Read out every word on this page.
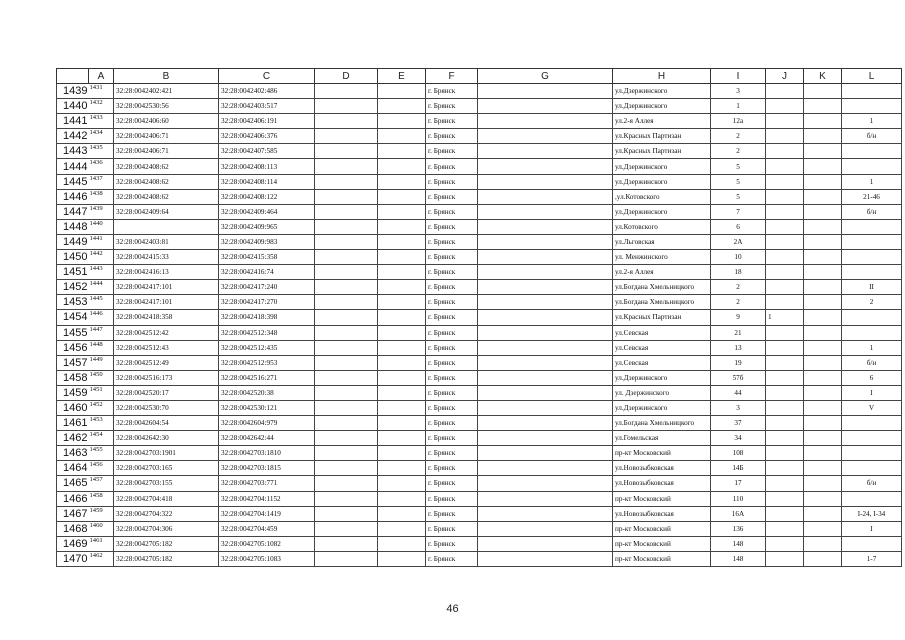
	A	B	C	D	E	F	G	H	I	J	K	L
1439	1431	32:28:0042402:421	32:28:0042402:486			г. Брянск		ул.Дзержинского	3			
1440	1432	32:28:0042530:56	32:28:0042403:517			г. Брянск		ул.Дзержинского	1			
1441	1433	32:28:0042406:60	32:28:0042406:191			г. Брянск		ул.2-я Аллея	12а			1
1442	1434	32:28:0042406:71	32:28:0042406:376			г. Брянск		ул.Красных Партизан	2			б/н
1443	1435	32:28:0042406:71	32:28:0042407:585			г. Брянск		ул.Красных Партизан	2			
1444	1436	32:28:0042408:62	32:28:0042408:113			г. Брянск		ул.Дзержинского	5			
1445	1437	32:28:0042408:62	32:28:0042408:114			г. Брянск		ул.Дзержинского	5			1
1446	1438	32:28:0042408:62	32:28:0042408:122			г. Брянск		,ул.Котовского	5			21-46
1447	1439	32:28:0042409:64	32:28:0042409:464			г. Брянск		ул.Дзержинского	7			б/н
1448	1440		32:28:0042409:965			г. Брянск		ул.Котовского	6			
1449	1441	32:28:0042403:81	32:28:0042409:983			г. Брянск		ул.Льговская	2А			
1450	1442	32:28:0042415:33	32:28:0042415:358			г. Брянск		ул. Менжинского	10			
1451	1443	32:28:0042416:13	32:28:0042416:74			г. Брянск		ул.2-я Аллея	18			
1452	1444	32:28:0042417:101	32:28:0042417:240			г. Брянск		ул.Богдана Хмельницкого	2			II
1453	1445	32:28:0042417:101	32:28:0042417:270			г. Брянск		ул.Богдана Хмельницкого	2			2
1454	1446	32:28:0042418:358	32:28:0042418:398			г. Брянск		ул.Красных Партизан	9	1		
1455	1447	32:28:0042512:42	32:28:0042512:348			г. Брянск		ул.Севская	21			
1456	1448	32:28:0042512:43	32:28:0042512:435			г. Брянск		ул.Севская	13			1
1457	1449	32:28:0042512:49	32:28:0042512:953			г. Брянск		ул.Севская	19			б/н
1458	1450	32:28:0042516:173	32:28:0042516:271			г. Брянск		ул.Дзержинского	57б			6
1459	1451	32:28:0042520:17	32:28:0042520:38			г. Брянск		ул. Дзержинского	44			I
1460	1452	32:28:0042530:70	32:28:0042530:121			г. Брянск		ул.Дзержинского	3			V
1461	1453	32:28:0042604:54	32:28:0042604:979			г. Брянск		ул.Богдана Хмельницкого	37			
1462	1454	32:28:0042642:30	32:28:0042642:44			г. Брянск		ул.Гомельская	34			
1463	1455	32:28:0042703:1901	32:28:0042703:1810			г. Брянск		пр-кт Московский	108			
1464	1456	32:28:0042703:165	32:28:0042703:1815			г. Брянск		ул.Новозыбковская	14Б			
1465	1457	32:28:0042703:155	32:28:0042703:771			г. Брянск		ул.Новозыбковская	17			б/н
1466	1458	32:28:0042704:418	32:28:0042704:1152			г. Брянск		пр-кт Московский	110			
1467	1459	32:28:0042704:322	32:28:0042704:1419			г. Брянск		ул.Новозыбковская	16А			I-24, I-34
1468	1460	32:28:0042704:306	32:28:0042704:459			г. Брянск		пр-кт Московский	136			I
1469	1461	32:28:0042705:182	32:28:0042705:1082			г. Брянск		пр-кт Московский	148			
1470	1462	32:28:0042705:182	32:28:0042705:1083			г. Брянск		пр-кт Московский	148			1-7
46
